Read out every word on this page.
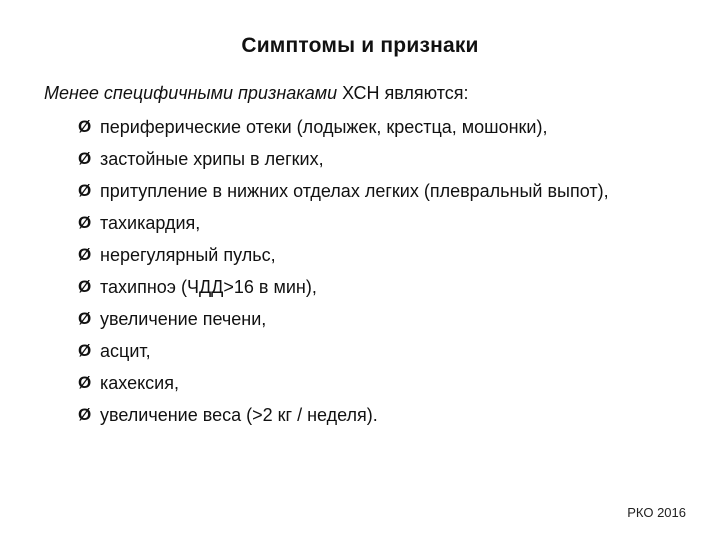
Симптомы и признаки
Менее специфичными признаками ХСН являются:
Ø периферические отеки (лодыжек, крестца, мошонки),
Ø застойные хрипы в легких,
Ø притупление в нижних отделах легких (плевральный выпот),
Ø тахикардия,
Ø нерегулярный пульс,
Ø тахипноэ (ЧДД>16 в мин),
Ø увеличение печени,
Ø асцит,
Ø кахексия,
Ø увеличение веса (>2 кг / неделя).
РКО 2016
